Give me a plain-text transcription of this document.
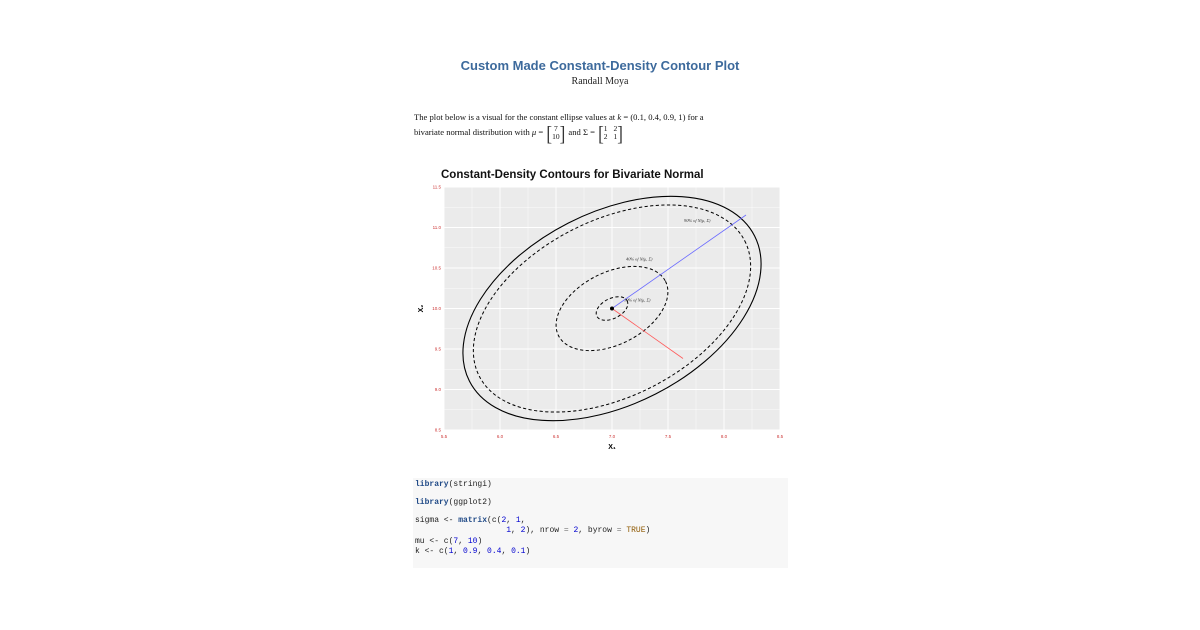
Custom Made Constant-Density Contour Plot
Randall Moya
The plot below is a visual for the constant ellipse values at k = (0.1, 0.4, 0.9, 1) for a
bivariate normal distribution with μ = [ 7
10 ] and Σ = [ 1 2
2 1 ]
Constant-Density Contours for Bivariate Normal
5.5	6.0	6.5	7.0	7.5	8.0	8.5
8.5
9.0
9.5
10.0
10.5
11.0
11.5
X₁
X₂
90% of N(μ, Σ)
40% of N(μ, Σ)
10% of N(μ, Σ)
library(stringi)
library(ggplot2)
sigma <- matrix(c(2, 1,
1, 2), nrow = 2, byrow = TRUE)
mu <- c(7, 10)
k <- c(1, 0.9, 0.4, 0.1)
